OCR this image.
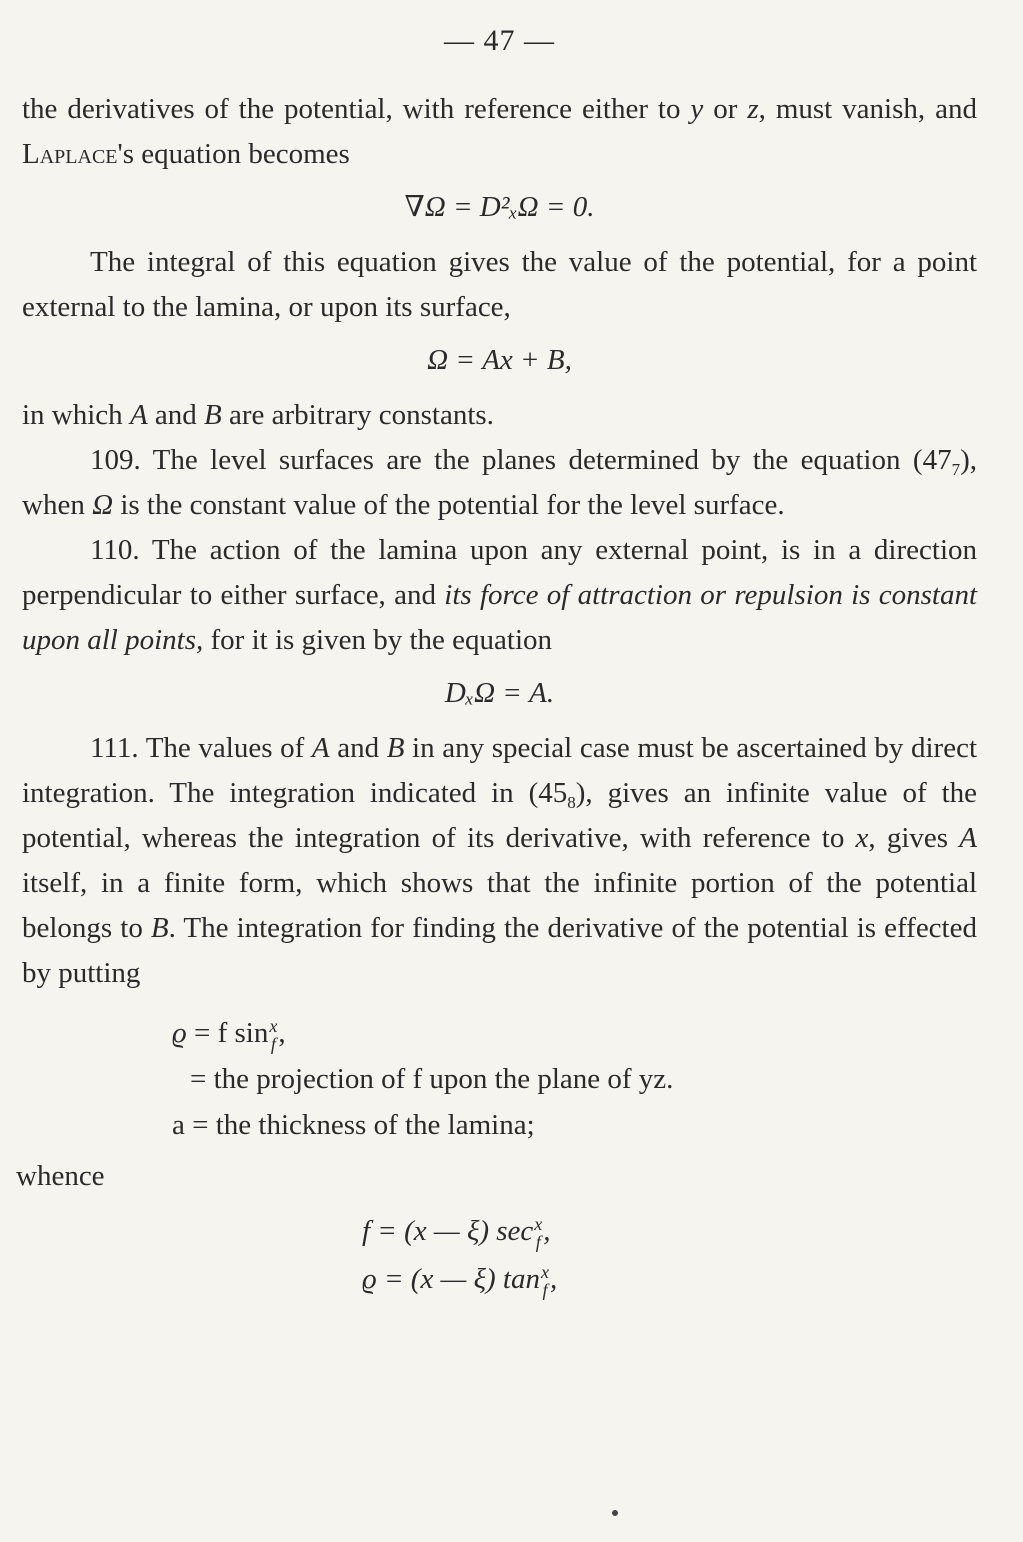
— 47 —

the derivatives of the potential, with reference either to y or z, must vanish, and Laplace's equation becomes

∇Ω = D²ₓΩ = 0.

The integral of this equation gives the value of the potential, for a point external to the lamina, or upon its surface,

Ω = Ax + B,

in which A and B are arbitrary constants.

109. The level surfaces are the planes determined by the equation $(47_7)$, when Ω is the constant value of the potential for the level surface.

110. The action of the lamina upon any external point, is in a direction perpendicular to either surface, and its force of attraction or repulsion is constant upon all points, for it is given by the equation

DₓΩ = A.

111. The values of A and B in any special case must be ascertained by direct integration. The integration indicated in $(45_8)$, gives an infinite value of the potential, whereas the integration of its derivative, with reference to x, gives A itself, in a finite form, which shows that the infinite portion of the potential belongs to B. The integration for finding the derivative of the potential is effected by putting

ϱ = f sin x
f ,
= the projection of f upon the plane of yz.
a = the thickness of the lamina;
whence
f = (x — ξ) sec x
f ,
ϱ = (x — ξ) tan x
f ,
